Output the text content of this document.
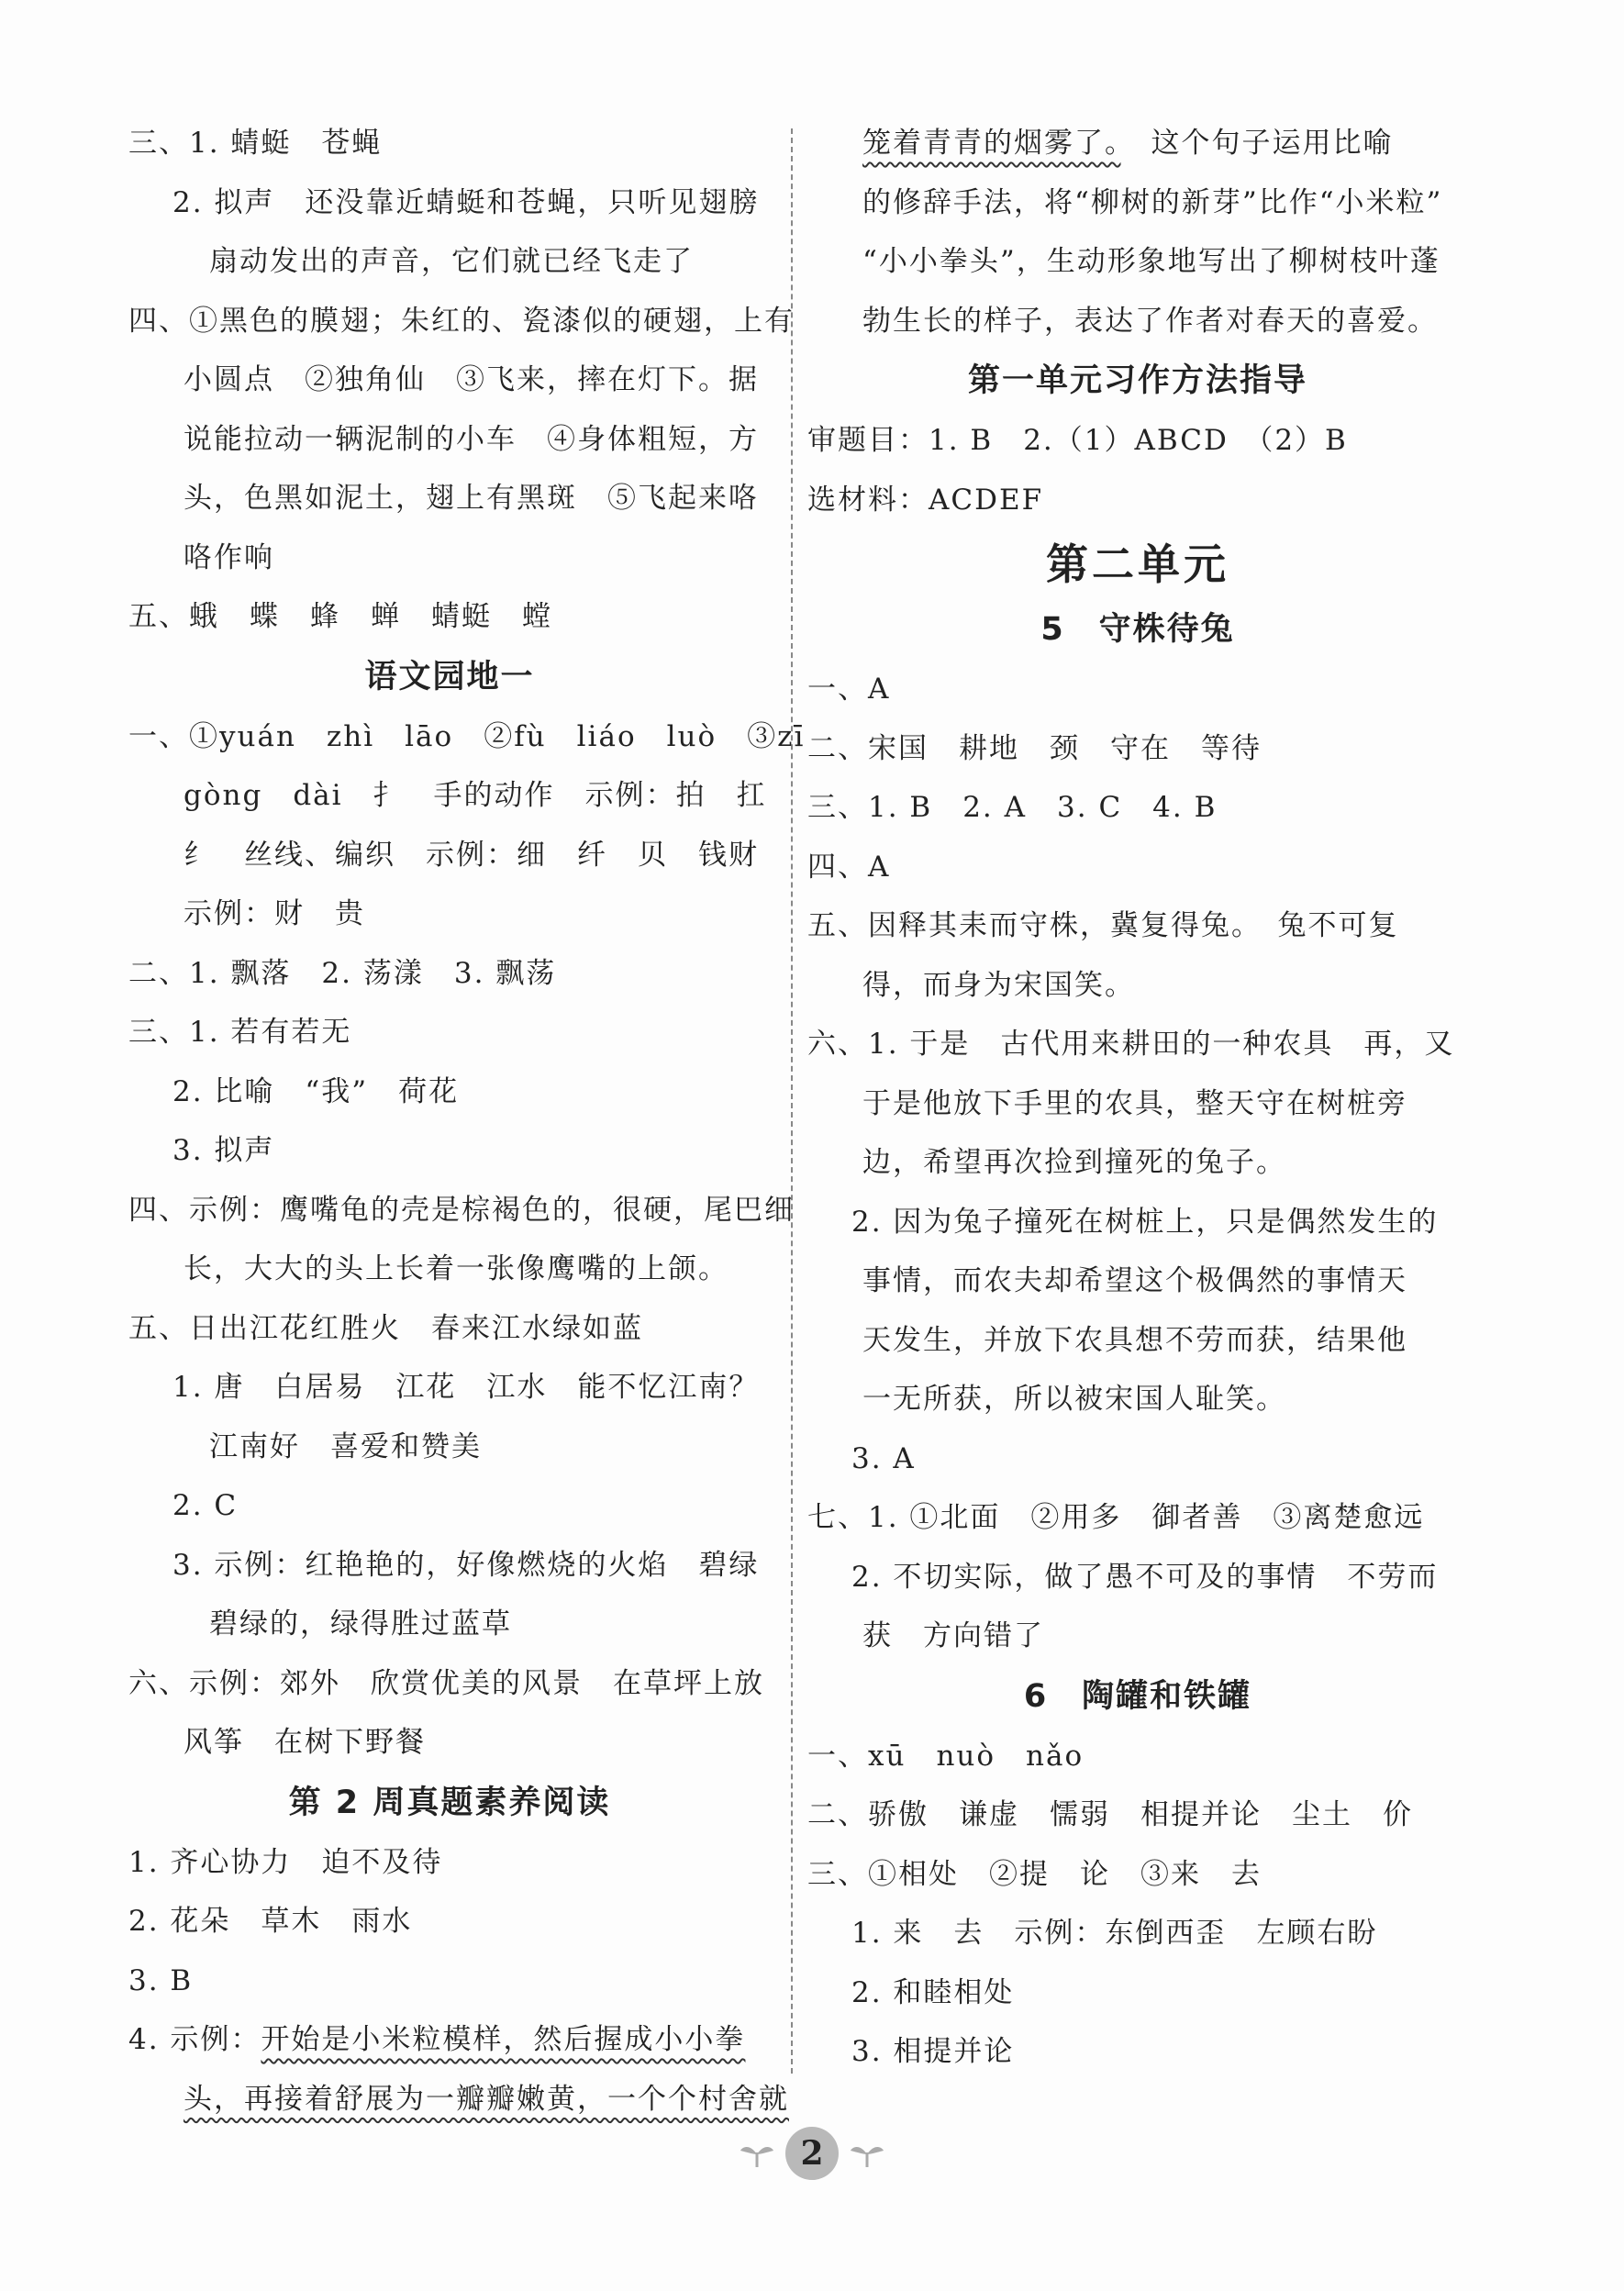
三、1. 蜻蜓　苍蝇
2. 拟声　还没靠近蜻蜓和苍蝇，只听见翅膀
扇动发出的声音，它们就已经飞走了
四、①黑色的膜翅；朱红的、瓷漆似的硬翅，上有
小圆点　②独角仙　③飞来，摔在灯下。据
说能拉动一辆泥制的小车　④身体粗短，方
头，色黑如泥土，翅上有黑斑　⑤飞起来咯
咯作响
五、蛾　蝶　蜂　蝉　蜻蜓　螳
语文园地一
一、①yuán　zhì　lāo　②fù　liáo　luò　③zī
gòng　dài　扌　手的动作　示例：拍　扛
纟　丝线、编织　示例：细　纤　贝　钱财
示例：财　贵
二、1. 飘落　2. 荡漾　3. 飘荡
三、1. 若有若无
2. 比喻　“我”　荷花
3. 拟声
四、示例：鹰嘴龟的壳是棕褐色的，很硬，尾巴细
长，大大的头上长着一张像鹰嘴的上颌。
五、日出江花红胜火　春来江水绿如蓝
1. 唐　白居易　江花　江水　能不忆江南？
江南好　喜爱和赞美
2. C
3. 示例：红艳艳的，好像燃烧的火焰　碧绿
碧绿的，绿得胜过蓝草
六、示例：郊外　欣赏优美的风景　在草坪上放
风筝　在树下野餐
第 2 周真题素养阅读
1. 齐心协力　迫不及待
2. 花朵　草木　雨水
3. B
4. 示例：开始是小米粒模样，然后握成小小拳
头，再接着舒展为一瓣瓣嫩黄，一个个村舍就
笼着青青的烟雾了。　这个句子运用比喻
的修辞手法，将“柳树的新芽”比作“小米粒”
“小小拳头”，生动形象地写出了柳树枝叶蓬
勃生长的样子，表达了作者对春天的喜爱。
第一单元习作方法指导
审题目：1. B　2.（1）ABCD　（2）B
选材料：ACDEF
第二单元
5　守株待兔
一、A
二、宋国　耕地　颈　守在　等待
三、1. B　2. A　3. C　4. B
四、A
五、因释其耒而守株，冀复得兔。　兔不可复
得，而身为宋国笑。
六、1. 于是　古代用来耕田的一种农具　再，又
于是他放下手里的农具，整天守在树桩旁
边，希望再次捡到撞死的兔子。
2. 因为兔子撞死在树桩上，只是偶然发生的
事情，而农夫却希望这个极偶然的事情天
天发生，并放下农具想不劳而获，结果他
一无所获，所以被宋国人耻笑。
3. A
七、1. ①北面　②用多　御者善　③离楚愈远
2. 不切实际，做了愚不可及的事情　不劳而
获　方向错了
6　陶罐和铁罐
一、xū　nuò　nǎo
二、骄傲　谦虚　懦弱　相提并论　尘土　价
三、①相处　②提　论　③来　去
1. 来　去　示例：东倒西歪　左顾右盼
2. 和睦相处
3. 相提并论
2
